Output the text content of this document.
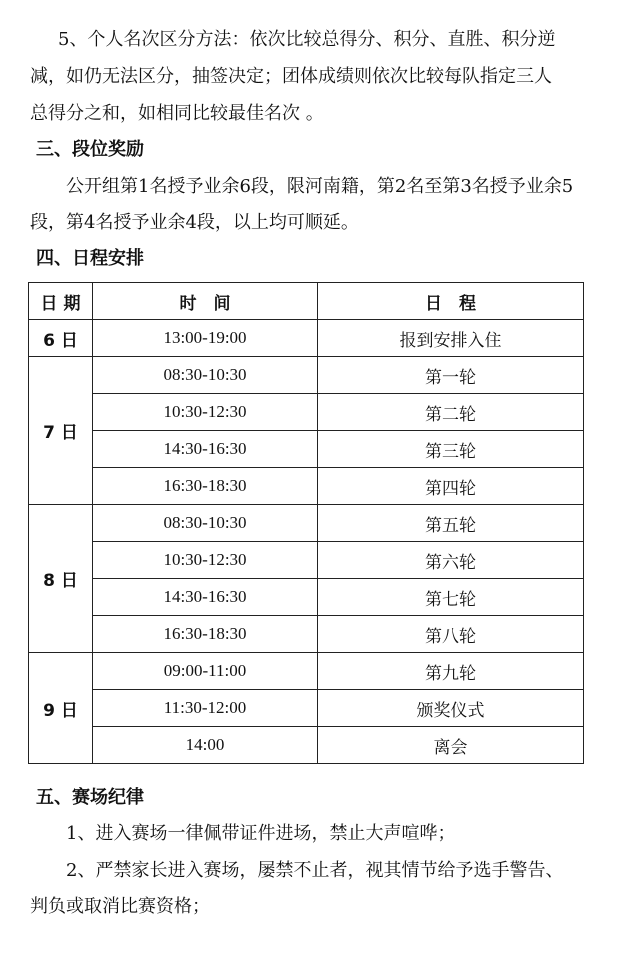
5、个人名次区分方法：依次比较总得分、积分、直胜、积分逆
减，如仍无法区分，抽签决定；团体成绩则依次比较每队指定三人
总得分之和，如相同比较最佳名次 。
三、段位奖励
公开组第1名授予业余6段，限河南籍，第2名至第3名授予业余5
段，第4名授予业余4段，以上均可顺延。
四、日程安排
日 期	时　间	日　程
6 日	13:00-19:00	报到安排入住
7 日	08:30-10:30	第一轮
	10:30-12:30	第二轮
	14:30-16:30	第三轮
	16:30-18:30	第四轮
8 日	08:30-10:30	第五轮
	10:30-12:30	第六轮
	14:30-16:30	第七轮
	16:30-18:30	第八轮
9 日	09:00-11:00	第九轮
	11:30-12:00	颁奖仪式
	14:00	离会
五、赛场纪律
1、进入赛场一律佩带证件进场，禁止大声喧哗；
2、严禁家长进入赛场，屡禁不止者，视其情节给予选手警告、
判负或取消比赛资格；
